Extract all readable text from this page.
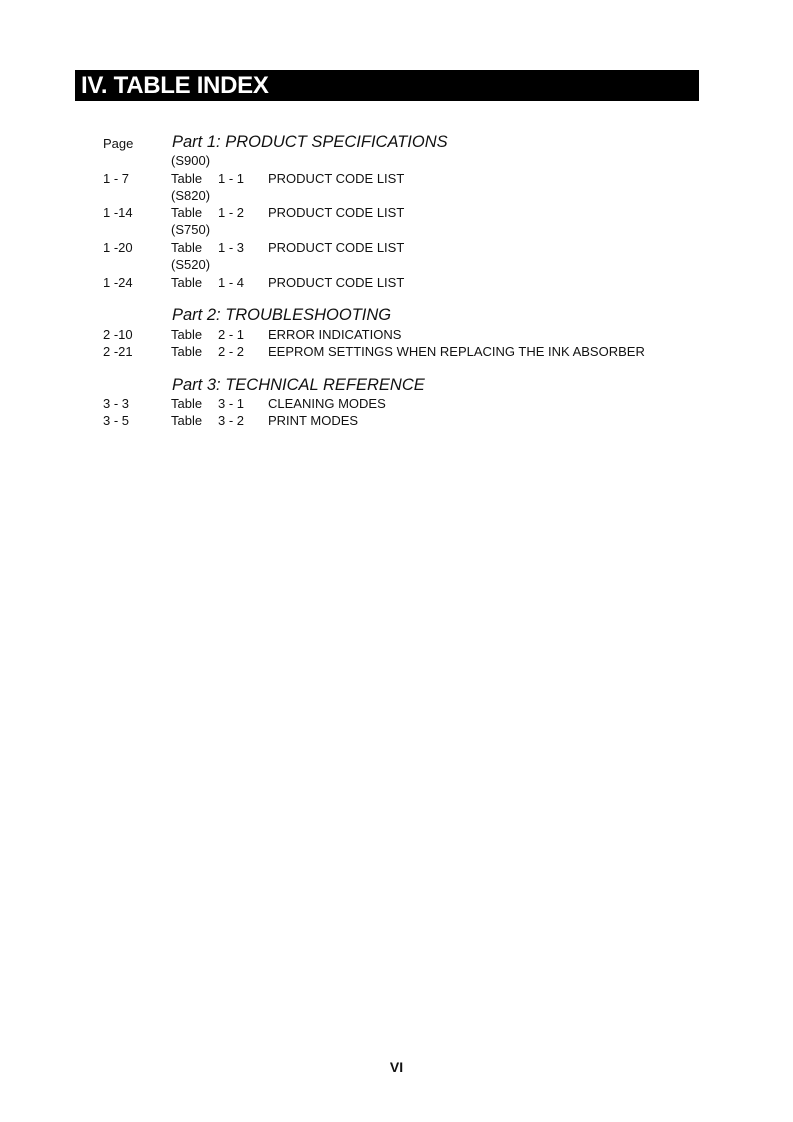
IV. TABLE INDEX
Page Part 1: PRODUCT SPECIFICATIONS
(S900)
1 - 7	Table 1 - 1 PRODUCT CODE LIST
(S820)
1 -14	Table 1 - 2 PRODUCT CODE LIST
(S750)
1 -20	Table 1 - 3 PRODUCT CODE LIST
(S520)
1 -24	Table 1 - 4 PRODUCT CODE LIST
Part 2: TROUBLESHOOTING
2 -10	Table 2 - 1 ERROR INDICATIONS
2 -21	Table 2 - 2 EEPROM SETTINGS WHEN REPLACING THE INK ABSORBER
Part 3: TECHNICAL REFERENCE
3 - 3	Table 3 - 1 CLEANING MODES
3 - 5	Table 3 - 2 PRINT MODES
VI
